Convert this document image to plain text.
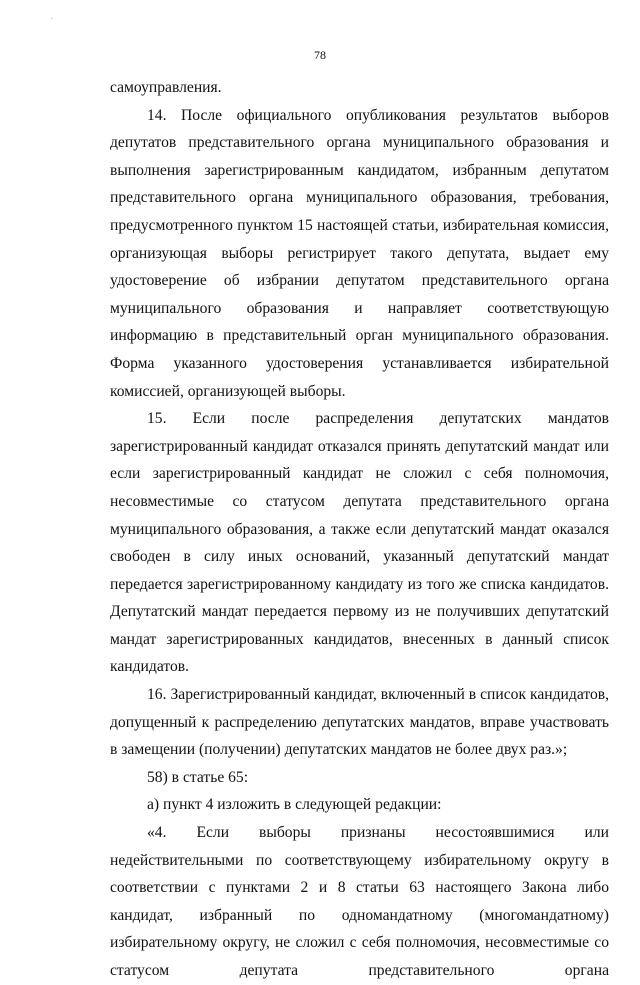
·
78

самоуправления.

14. После официального опубликования результатов выборов депутатов представительного органа муниципального образования и выполнения зарегистрированным кандидатом, избранным депутатом представительного органа муниципального образования, требования, предусмотренного пунктом 15 настоящей статьи, избирательная комиссия, организующая выборы регистрирует такого депутата, выдает ему удостоверение об избрании депутатом представительного органа муниципального образования и направляет соответствующую информацию в представительный орган муниципального образования. Форма указанного удостоверения устанавливается избирательной комиссией, организующей выборы.

15. Если после распределения депутатских мандатов зарегистрированный кандидат отказался принять депутатский мандат или если зарегистрированный кандидат не сложил с себя полномочия, несовместимые со статусом депутата представительного органа муниципального образования, а также если депутатский мандат оказался свободен в силу иных оснований, указанный депутатский мандат передается зарегистрированному кандидату из того же списка кандидатов. Депутатский мандат передается первому из не получивших депутатский мандат зарегистрированных кандидатов, внесенных в данный список кандидатов.

16. Зарегистрированный кандидат, включенный в список кандидатов, допущенный к распределению депутатских мандатов, вправе участвовать в замещении (получении) депутатских мандатов не более двух раз.»;

58) в статье 65:

а) пункт 4 изложить в следующей редакции:

«4. Если выборы признаны несостоявшимися или недействительными по соответствующему избирательному округу в соответствии с пунктами 2 и 8 статьи 63 настоящего Закона либо кандидат, избранный по одномандатному (многомандатному) избирательному округу, не сложил с себя полномочия, несовместимые со статусом депутата представительного органа
